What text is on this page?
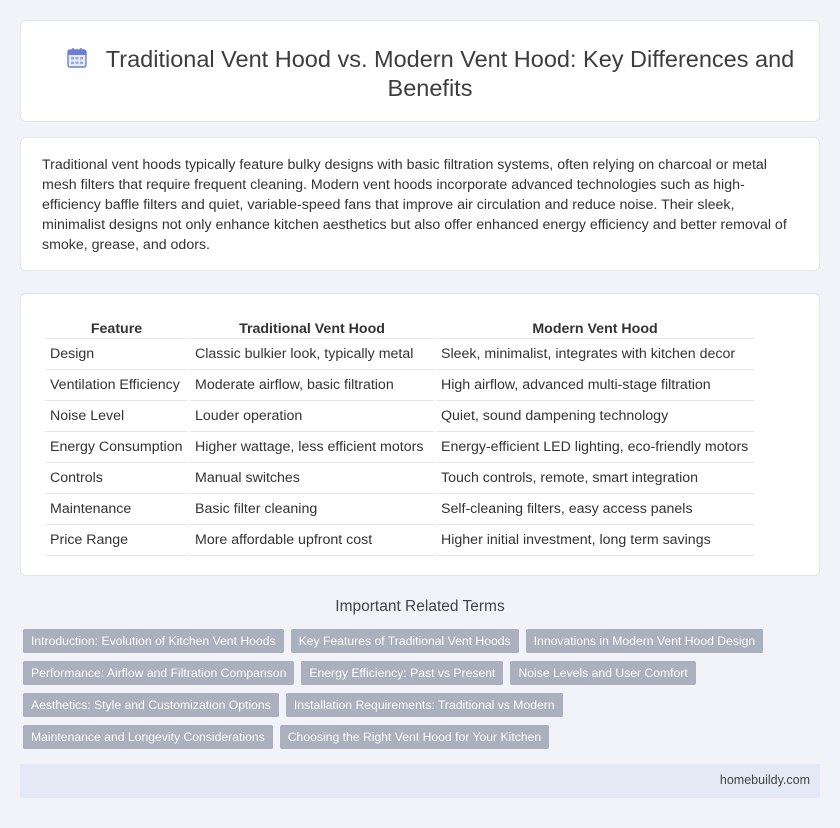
Traditional Vent Hood vs. Modern Vent Hood: Key Differences and Benefits

Traditional vent hoods typically feature bulky designs with basic filtration systems, often relying on charcoal or metal mesh filters that require frequent cleaning. Modern vent hoods incorporate advanced technologies such as high-efficiency baffle filters and quiet, variable-speed fans that improve air circulation and reduce noise. Their sleek, minimalist designs not only enhance kitchen aesthetics but also offer enhanced energy efficiency and better removal of smoke, grease, and odors.

Feature	Traditional Vent Hood	Modern Vent Hood
Design	Classic bulkier look, typically metal	Sleek, minimalist, integrates with kitchen decor
Ventilation Efficiency	Moderate airflow, basic filtration	High airflow, advanced multi-stage filtration
Noise Level	Louder operation	Quiet, sound dampening technology
Energy Consumption	Higher wattage, less efficient motors	Energy-efficient LED lighting, eco-friendly motors
Controls	Manual switches	Touch controls, remote, smart integration
Maintenance	Basic filter cleaning	Self-cleaning filters, easy access panels
Price Range	More affordable upfront cost	Higher initial investment, long term savings
Important Related Terms
Introduction: Evolution of Kitchen Vent Hoods	Key Features of Traditional Vent Hoods	Innovations in Modern Vent Hood Design
Performance: Airflow and Filtration Comparison	Energy Efficiency: Past vs Present	Noise Levels and User Comfort
Aesthetics: Style and Customization Options	Installation Requirements: Traditional vs Modern
Maintenance and Longevity Considerations	Choosing the Right Vent Hood for Your Kitchen
homebuildy.com
